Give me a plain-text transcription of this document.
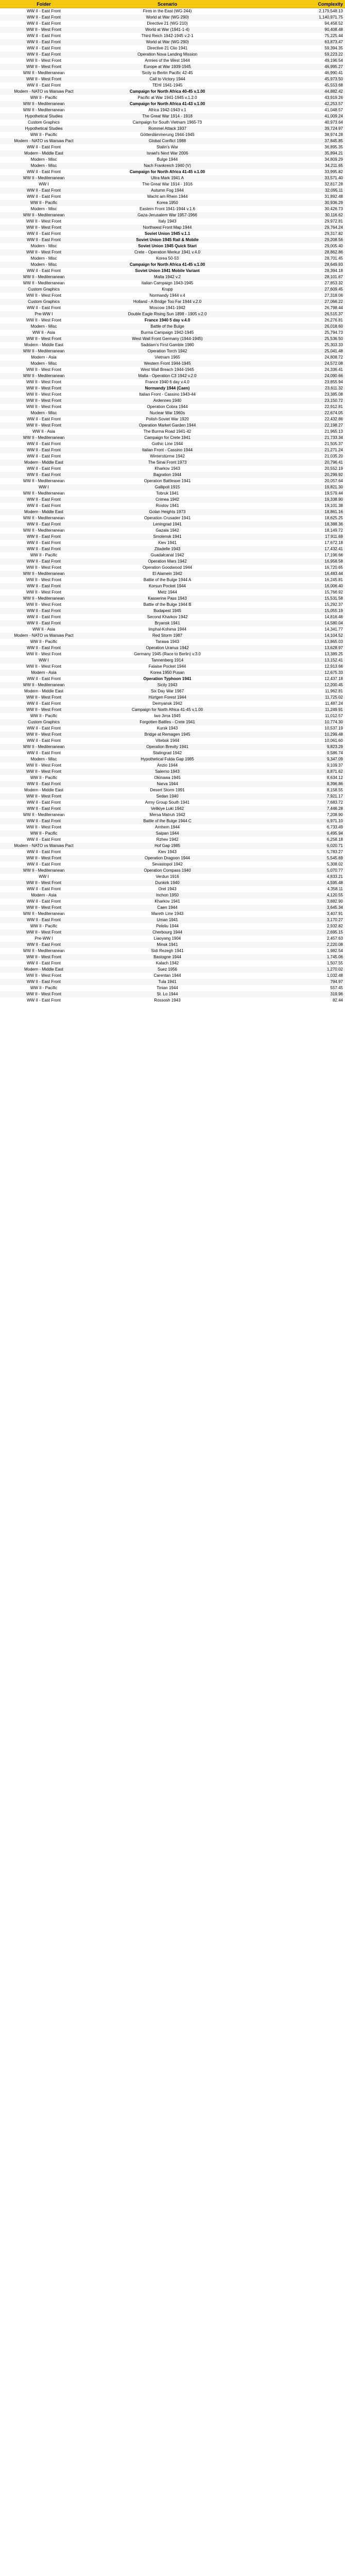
Folder	Scenario	Complexity
WW II - East Front	Fires in the East (WG 244)	2,179,548.13
WW II - East Front	World at War (WG 290)	1,140,971.75
WW II - East Front	Directive 21 (WG 210)	94,458.52
WW II - West Front	World at War (1941-1-4)	90,408.48
WW II - East Front	Third Reich 1942-1945 v.2-1	75,225.44
WW II - East Front	World at War (WG 290)	63,873.47
WW II - East Front	Directive 21 Clio 1941	59,394.35
WW II - East Front	Operation Nova Landing Mission	59,223.22
WW II - West Front	Armies of the West 1944	49,196.54
WW II - West Front	Europe at War 1939-1945	46,995.27
WW II - Mediterranean	Sicily to Berlin Pacific 42-45	46,990.41
WW II - West Front	Call to Victory 1944	45,973.50
WW II - East Front	TEHI 1941-1945	45,553.68
Modern - NATO vs Warsaw Pact	Campaign for North Africa 40-45 v.1.00	44,882.42
WW II - Pacific	Pacific at War 1941-1945 v.1.2.0	43,919.26
WW II - Mediterranean	Campaign for North Africa 41-43 v.1.00	42,253.57
WW II - Mediterranean	Africa 1942-1943 v.1	41,048.57
Hypothetical Studies	The Great War 1914 - 1918	41,009.24
Custom Graphics	Campaign for South Vietnam 1965-73	40,973.64
Hypothetical Studies	Rommel Attack 1937	39,724.97
WW II - Pacific	Götterdämmerung 1944-1945	38,974.28
Modern - NATO vs Warsaw Pact	Global Conflict 1988	37,845.85
WW II - East Front	Stalin's War	36,895.35
Modern - Middle East	Israel's Next War 2006	35,894.21
Modern - Misc	Bulge 1944	34,809.29
Modern - Misc	Nach Frankreich 1940 (V)	34,211.65
WW II - East Front	Campaign for North Africa 41-45 v.1.00	33,995.82
WW II - Mediterranean	Ultra Mark 1941 A	33,571.40
WW I	The Great War 1914 - 1916	32,817.28
WW II - East Front	Autumn Fog 1944	32,095.11
WW II - East Front	Wacht am Rhein 1944	31,892.48
WW II - Pacific	Korea 1950	30,936.29
Modern - Misc	Eastern Front 1941-1944 v.1.6	30,426.73
WW II - Mediterranean	Gaza-Jerusalem War 1957-1966	30,116.62
WW II - West Front	Italy 1943	29,972.81
WW II - West Front	Northwest Front Map 1944	29,764.24
WW II - East Front	Soviet Union 1945 v.1.1	29,317.82
WW II - East Front	Soviet Union 1945 Rail & Mobile	29,208.56
Modern - Misc	Soviet Union 1945 Quick Start	29,005.40
WW II - West Front	Crete - Operation Merkur 1941 v.4.0	28,862.86
Modern - Misc	Korea 50-53	28,701.45
Modern - Misc	Campaign for North Africa 41-45 v.1.00	28,649.93
WW II - East Front	Soviet Union 1941 Mobile Variant	28,394.18
WW II - Mediterranean	Malta 1942 v.2	28,101.67
WW II - Mediterranean	Italian Campaign 1943-1945	27,853.32
Custom Graphics	Krupp	27,609.45
WW II - West Front	Normandy 1944 v.4	27,318.06
Custom Graphics	Holland - A Bridge Too Far 1944 v.2.0	27,066.22
WW II - East Front	Moscow 1941-1942	26,798.44
Pre-WW I	Double Eagle Rising Sun 1898 - 1905 v.2.0	26,515.37
WW II - West Front	France 1940 5 day v.4.0	26,276.81
Modern - Misc	Battle of the Bulge	26,018.60
WW II - Asia	Burma Campaign 1942-1945	25,794.73
WW II - West Front	West Wall Front Germany (1944-1945)	25,536.50
Modern - Middle East	Saddam's First Gamble 1980	25,303.33
WW II - Mediterranean	Operation Torch 1942	25,041.48
Modern - Asia	Vietnam 1965	24,808.72
Modern - Misc	Western Front 1944-1945	24,572.08
WW II - West Front	West Wall Breach 1944-1945	24,336.41
WW II - Mediterranean	Malta - Operation C3 1942 v.2.0	24,090.66
WW II - West Front	France 1940 6 day v.4.0	23,855.94
WW II - West Front	Normandy 1944 (Caen)	23,611.32
WW II - West Front	Italian Front - Cassino 1943-44	23,385.08
WW II - West Front	Ardennes 1940	23,150.72
WW II - West Front	Operation Cobra 1944	22,912.81
Modern - Misc	Nuclear War 1960s	22,674.05
WW II - East Front	Polish-Soviet War 1920	22,432.86
WW II - West Front	Operation Market Garden 1944	22,198.27
WW II - Asia	The Burma Road 1941-42	21,965.13
WW II - Mediterranean	Campaign for Crete 1941	21,733.34
WW II - East Front	Gothic Line 1944	21,505.37
WW II - East Front	Italian Front - Cassino 1944	21,271.24
WW II - East Front	Winterstürme 1942	21,035.20
Modern - Middle East	The Sinai Front 1973	20,796.41
WW II - East Front	Kharkov 1943	20,552.19
WW II - East Front	Bagration 1944	20,299.92
WW II - Mediterranean	Operation Battleaxe 1941	20,057.64
WW I	Gallipoli 1915	19,821.30
WW II - Mediterranean	Tobruk 1941	19,579.44
WW II - East Front	Crimea 1942	19,338.90
WW II - East Front	Rostov 1941	19,101.38
Modern - Middle East	Golan Heights 1973	18,861.16
WW II - Mediterranean	Operation Crusader 1941	18,625.25
WW II - East Front	Leningrad 1941	18,388.36
WW II - Mediterranean	Gazala 1942	18,149.72
WW II - East Front	Smolensk 1941	17,911.69
WW II - East Front	Kiev 1941	17,672.18
WW II - East Front	Zitadelle 1943	17,432.41
WW II - Pacific	Guadalcanal 1942	17,196.66
WW II - East Front	Operation Mars 1942	16,958.58
WW II - West Front	Operation Goodwood 1944	16,720.65
WW II - Mediterranean	El Alamein 1942	16,483.44
WW II - West Front	Battle of the Bulge 1944 A	16,245.81
WW II - East Front	Korsun Pocket 1944	16,006.40
WW II - West Front	Metz 1944	15,766.92
WW II - Mediterranean	Kasserine Pass 1943	15,531.58
WW II - West Front	Battle of the Bulge 1944 B	15,292.37
WW II - East Front	Budapest 1945	15,055.19
WW II - East Front	Second Kharkov 1942	14,816.46
WW II - East Front	Bryansk 1941	14,580.04
WW II - Asia	Imphal-Kohima 1944	14,341.77
Modern - NATO vs Warsaw Pact	Red Storm 1987	14,104.52
WW II - Pacific	Tarawa 1943	13,865.03
WW II - East Front	Operation Uranus 1942	13,628.97
WW II - West Front	Germany 1945 (Race to Berlin) v.3.0	13,389.25
WW I	Tannenberg 1914	13,152.41
WW II - West Front	Falaise Pocket 1944	12,913.66
Modern - Asia	Korea 1950 Pusan	12,675.33
WW II - East Front	Operation Typhoon 1941	12,437.18
WW II - Mediterranean	Sicily 1943	12,200.45
Modern - Middle East	Six Day War 1967	11,962.81
WW II - West Front	Hürtgen Forest 1944	11,725.02
WW II - East Front	Demyansk 1942	11,487.24
WW II - West Front	Campaign for North Africa 41-45 v.1.00	11,249.91
WW II - Pacific	Iwo Jima 1945	11,012.57
Custom Graphics	Forgotten Battles - Crete 1941	10,774.30
WW II - East Front	Kursk 1943	10,537.19
WW II - West Front	Bridge at Remagen 1945	10,299.48
WW II - East Front	Vitebsk 1944	10,061.60
WW II - Mediterranean	Operation Brevity 1941	9,823.29
WW II - East Front	Stalingrad 1942	9,586.74
Modern - Misc	Hypothetical Fulda Gap 1985	9,347.09
WW II - West Front	Anzio 1944	9,109.37
WW II - West Front	Salerno 1943	8,871.62
WW II - Pacific	Okinawa 1945	8,634.12
WW II - East Front	Narva 1944	8,396.86
Modern - Middle East	Desert Storm 1991	8,158.55
WW II - West Front	Sedan 1940	7,921.17
WW II - East Front	Army Group South 1941	7,683.72
WW II - East Front	Velikiye Luki 1942	7,446.28
WW II - Mediterranean	Mersa Matruh 1942	7,208.90
WW II - East Front	Battle of the Bulge 1944 C	6,971.10
WW II - West Front	Arnhem 1944	6,733.49
WW II - Pacific	Saipan 1944	6,495.94
WW II - East Front	Rzhev 1942	6,258.18
Modern - NATO vs Warsaw Pact	Hof Gap 1985	6,020.71
WW II - East Front	Kiev 1943	5,783.27
WW II - West Front	Operation Dragoon 1944	5,545.69
WW II - East Front	Sevastopol 1942	5,308.02
WW II - Mediterranean	Operation Compass 1940	5,070.77
WW I	Verdun 1916	4,833.21
WW II - West Front	Dunkirk 1940	4,595.48
WW II - East Front	Orel 1943	4,358.11
Modern - Asia	Inchon 1950	4,120.55
WW II - East Front	Kharkov 1941	3,882.90
WW II - West Front	Caen 1944	3,645.34
WW II - Mediterranean	Mareth Line 1943	3,407.91
WW II - East Front	Uman 1941	3,170.27
WW II - Pacific	Peleliu 1944	2,932.82
WW II - West Front	Cherbourg 1944	2,695.15
Pre-WW I	Liaoyang 1904	2,457.63
WW II - East Front	Minsk 1941	2,220.08
WW II - Mediterranean	Sidi Rezegh 1941	1,982.54
WW II - West Front	Bastogne 1944	1,745.06
WW II - East Front	Kalach 1942	1,507.55
Modern - Middle East	Suez 1956	1,270.02
WW II - West Front	Carentan 1944	1,032.48
WW II - East Front	Tula 1941	794.97
WW II - Pacific	Tinian 1944	557.45
WW II - West Front	St. Lo 1944	319.96
WW II - East Front	Rossosh 1943	82.44
